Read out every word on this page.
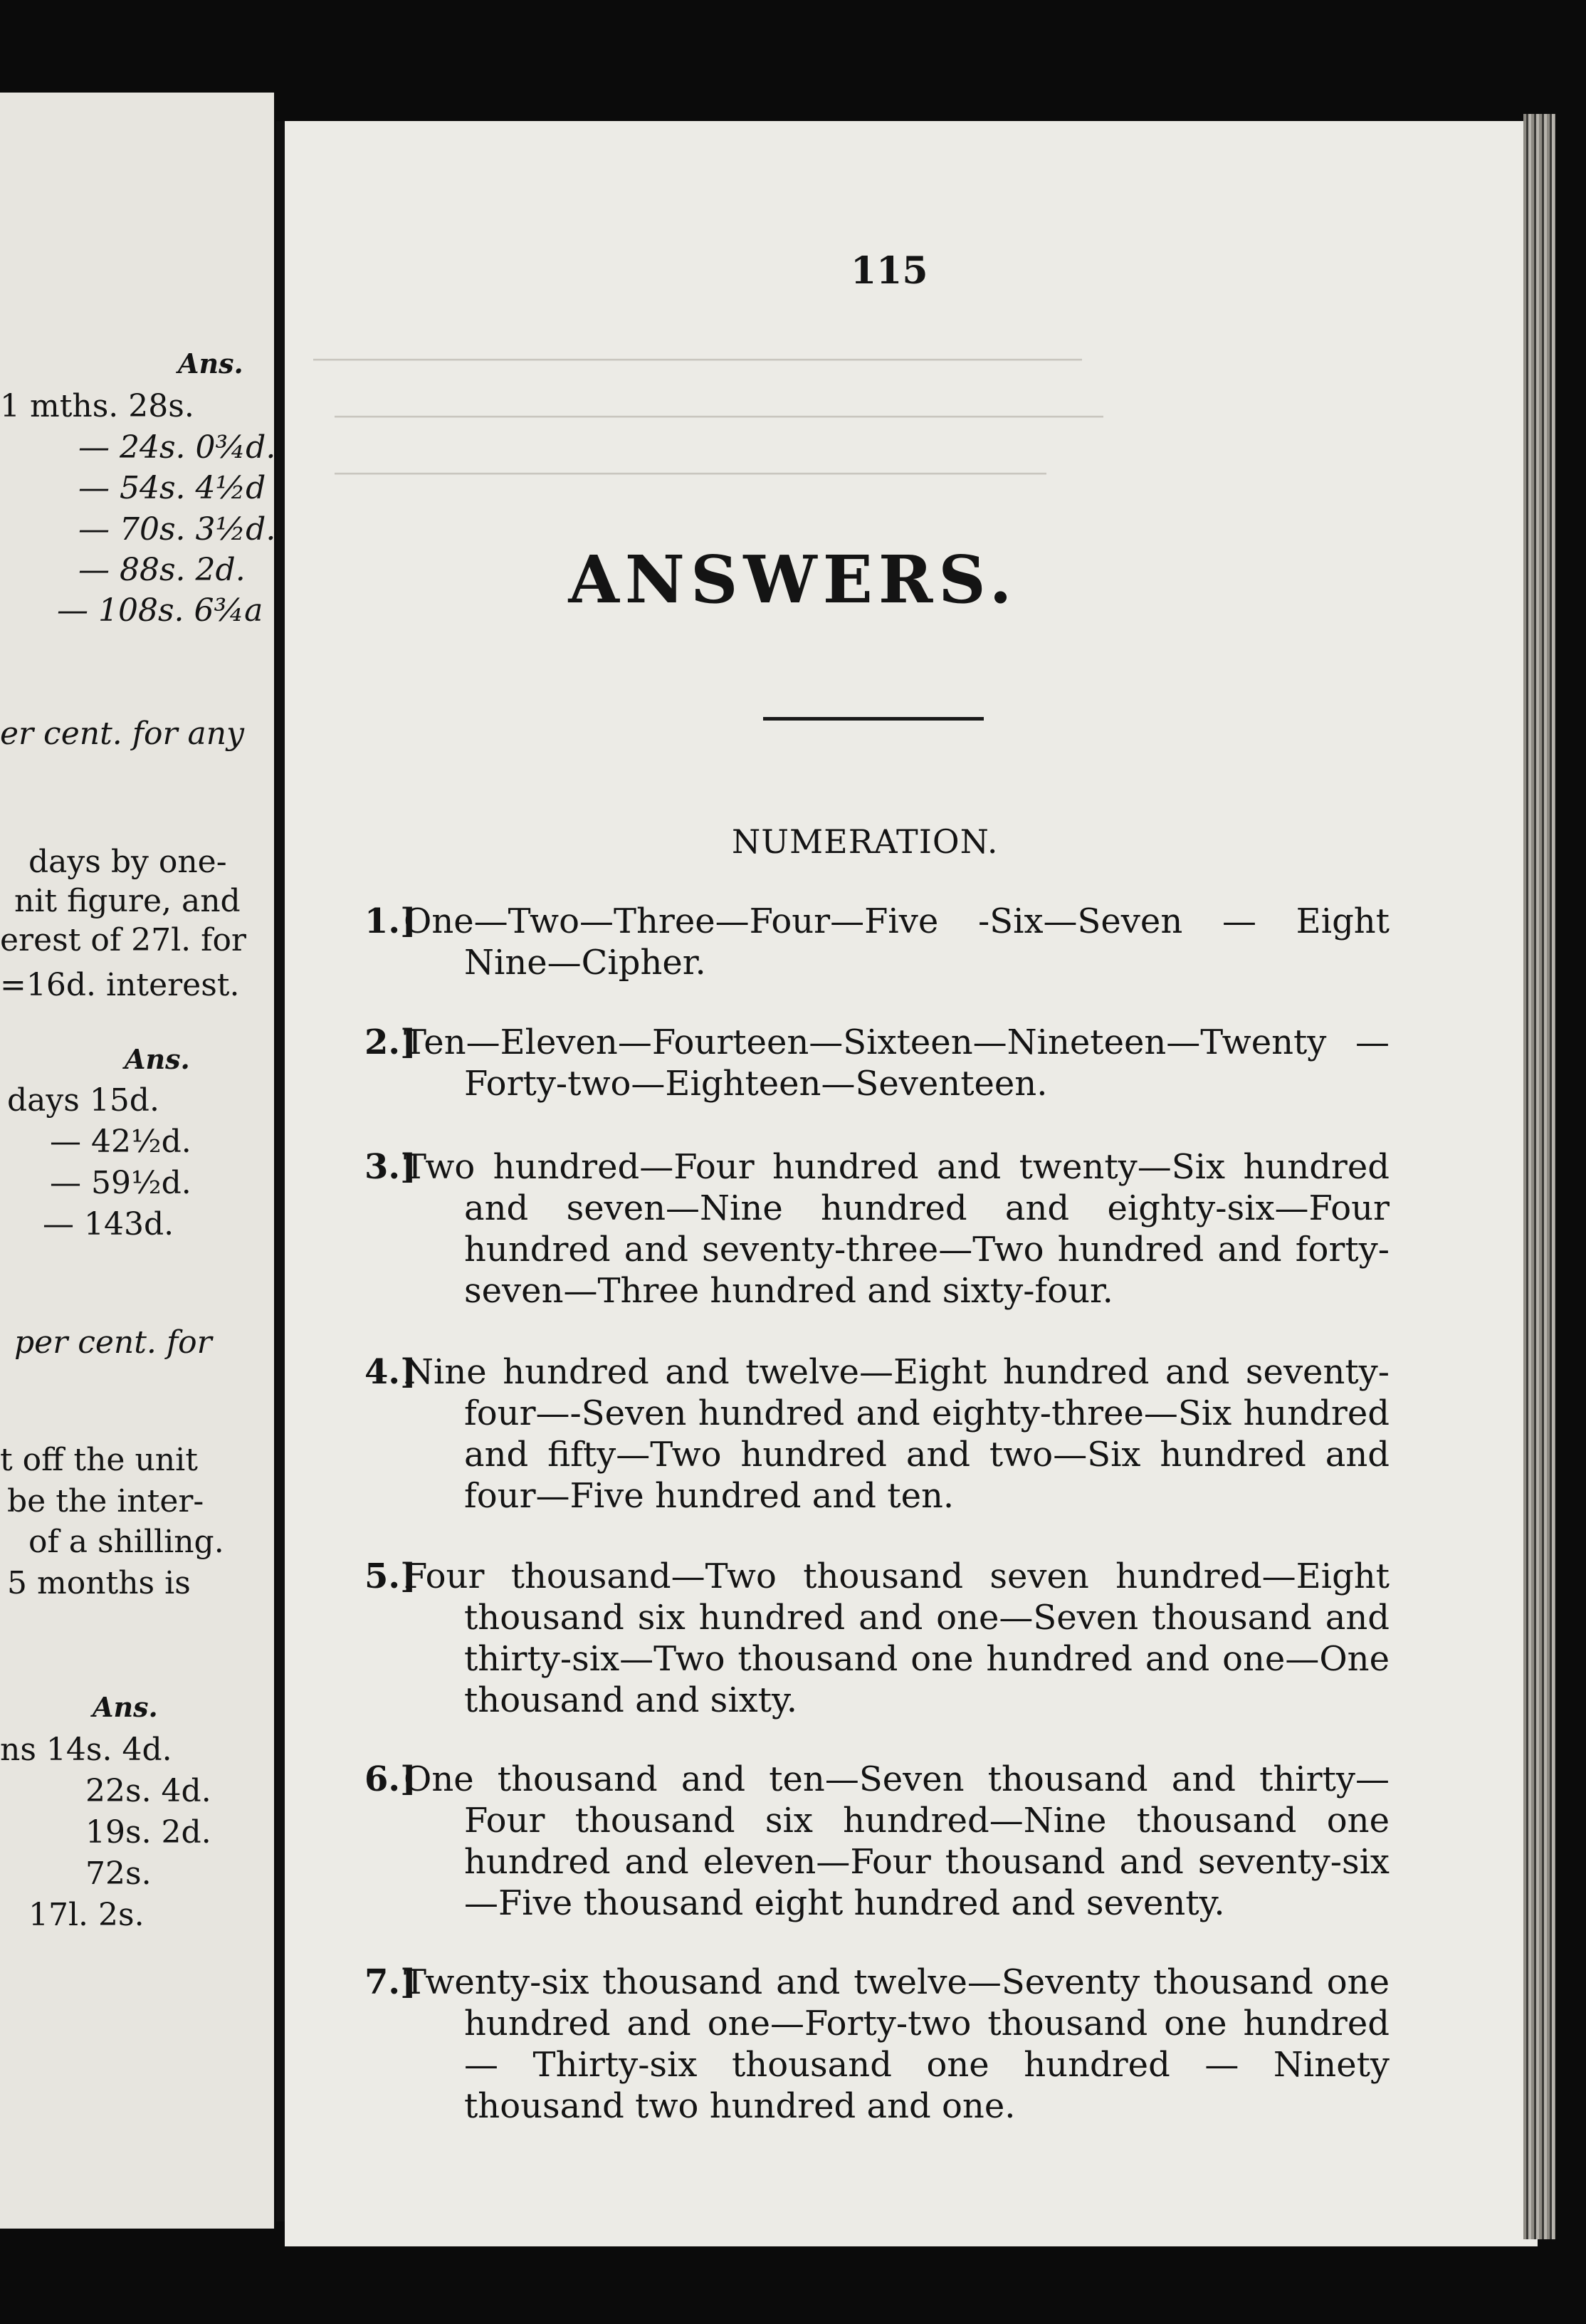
―――――――――――――――――――――――――――
―――――――――――――――――――――――――――
―――――――――――――――――――――――――
Ans.
1 mths. 28s.
— 24s. 0¾d.
— 54s. 4½d
— 70s. 3½d.
— 88s. 2d.
— 108s. 6¾a
er cent. for any
days by one-
nit figure, and
erest of 27l. for
=16d. interest.
Ans.
days 15d.
— 42½d.
— 59½d.
— 143d.
per cent. for
t off the unit
be the inter-
of a shilling.
5 months is
Ans.
ns 14s. 4d.
22s. 4d.
19s. 2d.
72s.
17l. 2s.
115
ANSWERS.
NUMERATION.
1.]
One—Two—Three—Four—Five -Six—Seven — Eight Nine—Cipher.
2.]
Ten—Eleven—Fourteen—Sixteen—Nineteen—Twenty —Forty-two—Eighteen—Seventeen.
3.]
Two hundred—Four hundred and twenty—Six hundred and seven—Nine hundred and eighty-six—Four hundred and seventy-three—Two hundred and forty-seven—Three hundred and sixty-four.
4.]
Nine hundred and twelve—Eight hundred and seventy-four—-Seven hundred and eighty-three—Six hundred and fifty—Two hundred and two—Six hundred and four—Five hundred and ten.
5.]
Four thousand—Two thousand seven hundred—Eight thousand six hundred and one—Seven thousand and thirty-six—Two thousand one hundred and one—One thousand and sixty.
6.]
One thousand and ten—Seven thousand and thirty—Four thousand six hundred—Nine thousand one hundred and eleven—Four thousand and seventy-six—Five thousand eight hundred and seventy.
7.]
Twenty-six thousand and twelve—Seventy thousand one hundred and one—Forty-two thousand one hundred — Thirty-six thousand one hundred — Ninety thousand two hundred and one.
